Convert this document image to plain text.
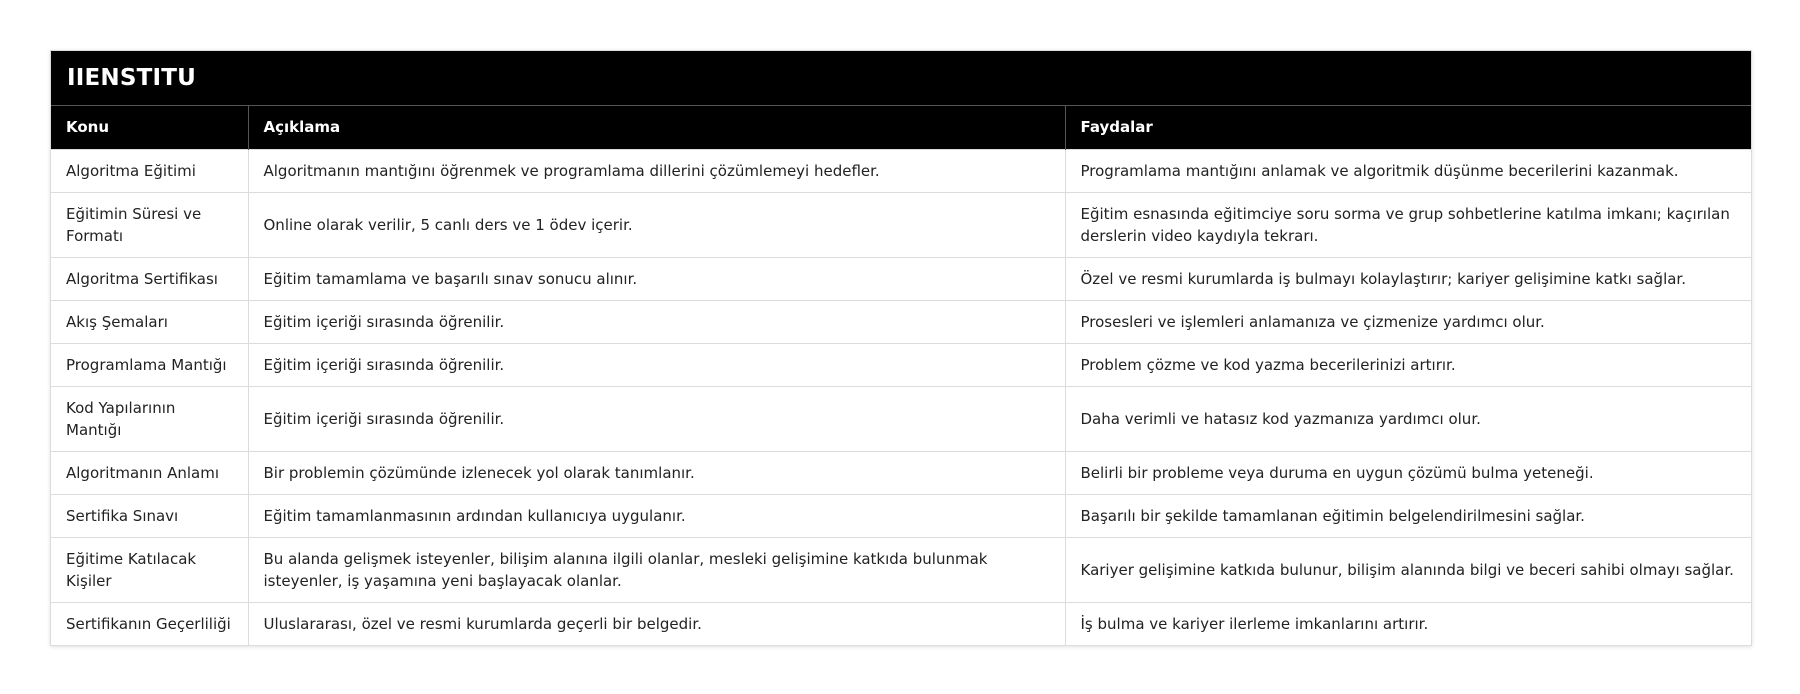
IIENSTITU
Konu	Açıklama	Faydalar
Algoritma Eğitimi	Algoritmanın mantığını öğrenmek ve programlama dillerini çözümlemeyi hedefler.	Programlama mantığını anlamak ve algoritmik düşünme becerilerini kazanmak.
Eğitimin Süresi ve Formatı	Online olarak verilir, 5 canlı ders ve 1 ödev içerir.	Eğitim esnasında eğitimciye soru sorma ve grup sohbetlerine katılma imkanı; kaçırılan derslerin video kaydıyla tekrarı.
Algoritma Sertifikası	Eğitim tamamlama ve başarılı sınav sonucu alınır.	Özel ve resmi kurumlarda iş bulmayı kolaylaştırır; kariyer gelişimine katkı sağlar.
Akış Şemaları	Eğitim içeriği sırasında öğrenilir.	Prosesleri ve işlemleri anlamanıza ve çizmenize yardımcı olur.
Programlama Mantığı	Eğitim içeriği sırasında öğrenilir.	Problem çözme ve kod yazma becerilerinizi artırır.
Kod Yapılarının Mantığı	Eğitim içeriği sırasında öğrenilir.	Daha verimli ve hatasız kod yazmanıza yardımcı olur.
Algoritmanın Anlamı	Bir problemin çözümünde izlenecek yol olarak tanımlanır.	Belirli bir probleme veya duruma en uygun çözümü bulma yeteneği.
Sertifika Sınavı	Eğitim tamamlanmasının ardından kullanıcıya uygulanır.	Başarılı bir şekilde tamamlanan eğitimin belgelendirilmesini sağlar.
Eğitime Katılacak Kişiler	Bu alanda gelişmek isteyenler, bilişim alanına ilgili olanlar, mesleki gelişimine katkıda bulunmak isteyenler, iş yaşamına yeni başlayacak olanlar.	Kariyer gelişimine katkıda bulunur, bilişim alanında bilgi ve beceri sahibi olmayı sağlar.
Sertifikanın Geçerliliği	Uluslararası, özel ve resmi kurumlarda geçerli bir belgedir.	İş bulma ve kariyer ilerleme imkanlarını artırır.
